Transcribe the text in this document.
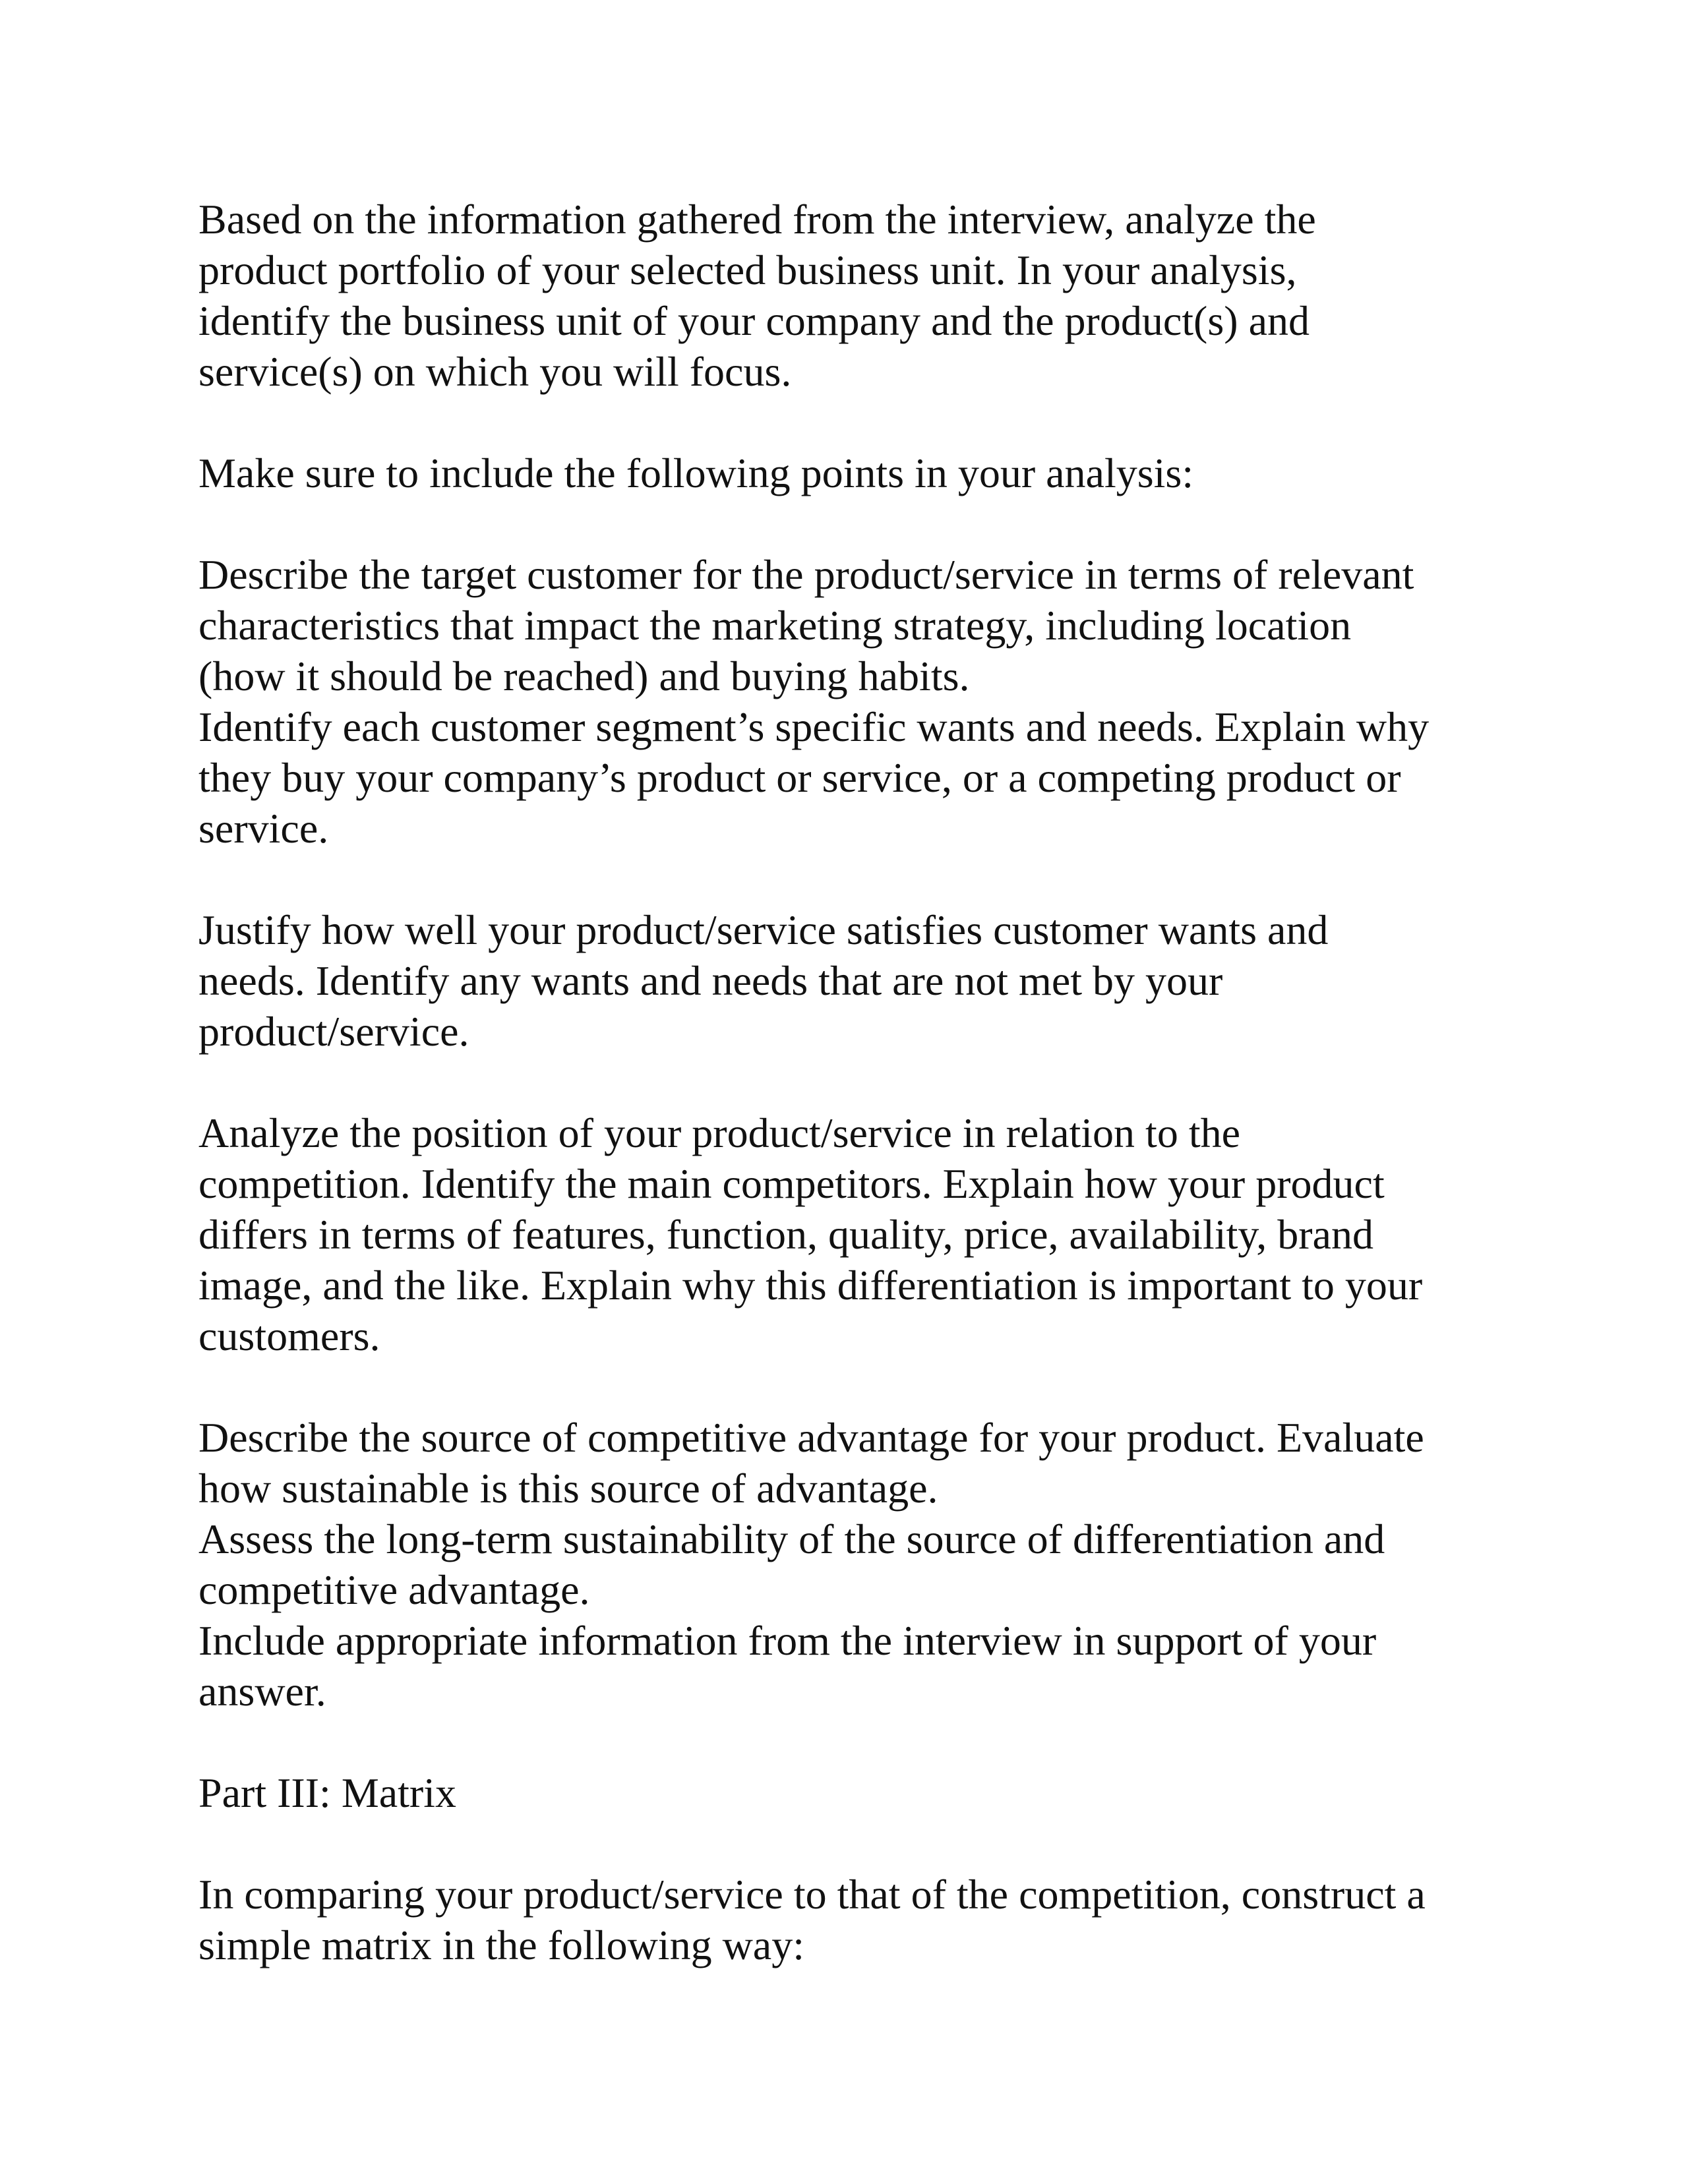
Based on the information gathered from the interview, analyze the
product portfolio of your selected business unit. In your analysis,
identify the business unit of your company and the product(s) and
service(s) on which you will focus.

Make sure to include the following points in your analysis:

Describe the target customer for the product/service in terms of relevant
characteristics that impact the marketing strategy, including location
(how it should be reached) and buying habits.
Identify each customer segment’s specific wants and needs. Explain why
they buy your company’s product or service, or a competing product or
service.

Justify how well your product/service satisfies customer wants and
needs. Identify any wants and needs that are not met by your
product/service.

Analyze the position of your product/service in relation to the
competition. Identify the main competitors. Explain how your product
differs in terms of features, function, quality, price, availability, brand
image, and the like. Explain why this differentiation is important to your
customers.

Describe the source of competitive advantage for your product. Evaluate
how sustainable is this source of advantage.
Assess the long-term sustainability of the source of differentiation and
competitive advantage.
Include appropriate information from the interview in support of your
answer.

Part III: Matrix

In comparing your product/service to that of the competition, construct a
simple matrix in the following way:
